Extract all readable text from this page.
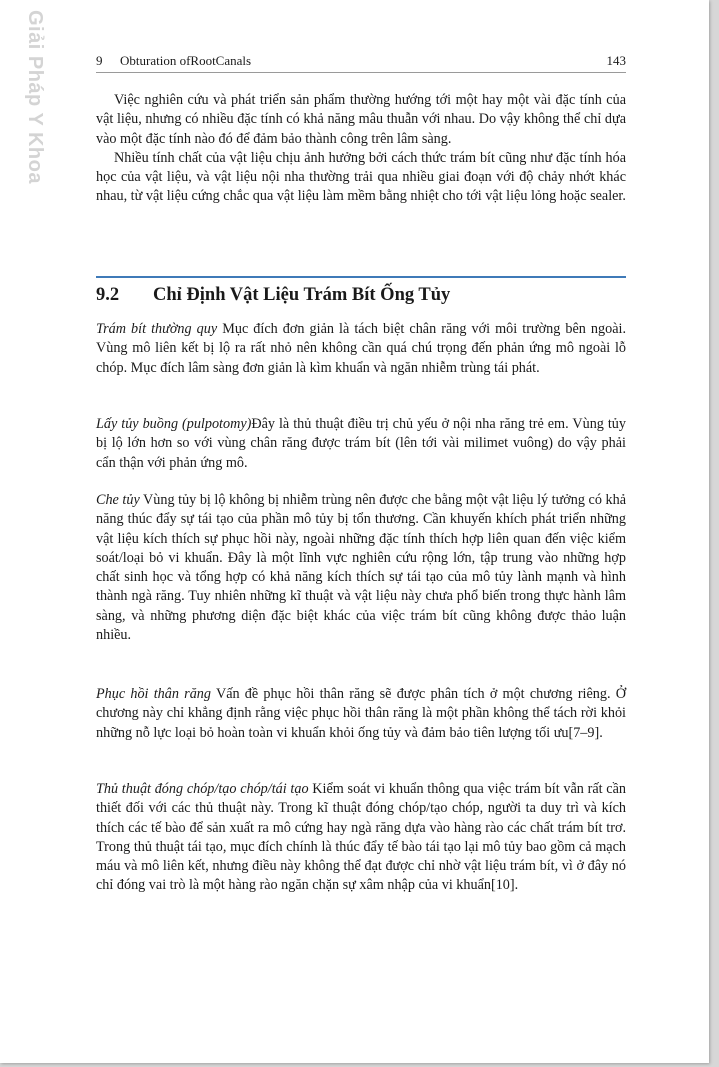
Giải Pháp Y Khoa	9 Obturation ofRootCanals	143

Việc nghiên cứu và phát triển sản phẩm thường hướng tới một hay một vài đặc tính của vật liệu, nhưng có nhiều đặc tính có khả năng mâu thuẫn với nhau. Do vậy không thể chỉ dựa vào một đặc tính nào đó để đảm bảo thành công trên lâm sàng.

Nhiều tính chất của vật liệu chịu ảnh hưởng bởi cách thức trám bít cũng như đặc tính hóa học của vật liệu, và vật liệu nội nha thường trải qua nhiều giai đoạn với độ chảy nhớt khác nhau, từ vật liệu cứng chắc qua vật liệu làm mềm bằng nhiệt cho tới vật liệu lỏng hoặc sealer.

9.2 Chỉ Định Vật Liệu Trám Bít Ống Tủy

Trám bít thường quy Mục đích đơn giản là tách biệt chân răng với môi trường bên ngoài. Vùng mô liên kết bị lộ ra rất nhỏ nên không cần quá chú trọng đến phản ứng mô ngoài lỗ chóp. Mục đích lâm sàng đơn giản là kìm khuẩn và ngăn nhiễm trùng tái phát.

Lấy tủy buồng (pulpotomy)Đây là thủ thuật điều trị chủ yếu ở nội nha răng trẻ em. Vùng tủy bị lộ lớn hơn so với vùng chân răng được trám bít (lên tới vài milimet vuông) do vậy phải cẩn thận với phản ứng mô.

Che tủy Vùng tủy bị lộ không bị nhiễm trùng nên được che bằng một vật liệu lý tưởng có khả năng thúc đẩy sự tái tạo của phần mô tủy bị tổn thương. Cần khuyến khích phát triển những vật liệu kích thích sự phục hồi này, ngoài những đặc tính thích hợp liên quan đến việc kiểm soát/loại bỏ vi khuẩn. Đây là một lĩnh vực nghiên cứu rộng lớn, tập trung vào những hợp chất sinh học và tổng hợp có khả năng kích thích sự tái tạo của mô tủy lành mạnh và hình thành ngà răng. Tuy nhiên những kĩ thuật và vật liệu này chưa phổ biến trong thực hành lâm sàng, và những phương diện đặc biệt khác của việc trám bít cũng không được thảo luận nhiều.

Phục hồi thân răng Vấn đề phục hồi thân răng sẽ được phân tích ở một chương riêng. Ở chương này chỉ khẳng định rằng việc phục hồi thân răng là một phần không thể tách rời khỏi những nỗ lực loại bỏ hoàn toàn vi khuẩn khỏi ống tủy và đảm bảo tiên lượng tối ưu[7–9].

Thủ thuật đóng chóp/tạo chóp/tái tạo Kiểm soát vi khuẩn thông qua việc trám bít vẫn rất cần thiết đối với các thủ thuật này. Trong kĩ thuật đóng chóp/tạo chóp, người ta duy trì và kích thích các tế bào để sản xuất ra mô cứng hay ngà răng dựa vào hàng rào các chất trám bít trơ. Trong thủ thuật tái tạo, mục đích chính là thúc đẩy tế bào tái tạo lại mô tủy bao gồm cả mạch máu và mô liên kết, nhưng điều này không thể đạt được chỉ nhờ vật liệu trám bít, vì ở đây nó chỉ đóng vai trò là một hàng rào ngăn chặn sự xâm nhập của vi khuẩn[10].
